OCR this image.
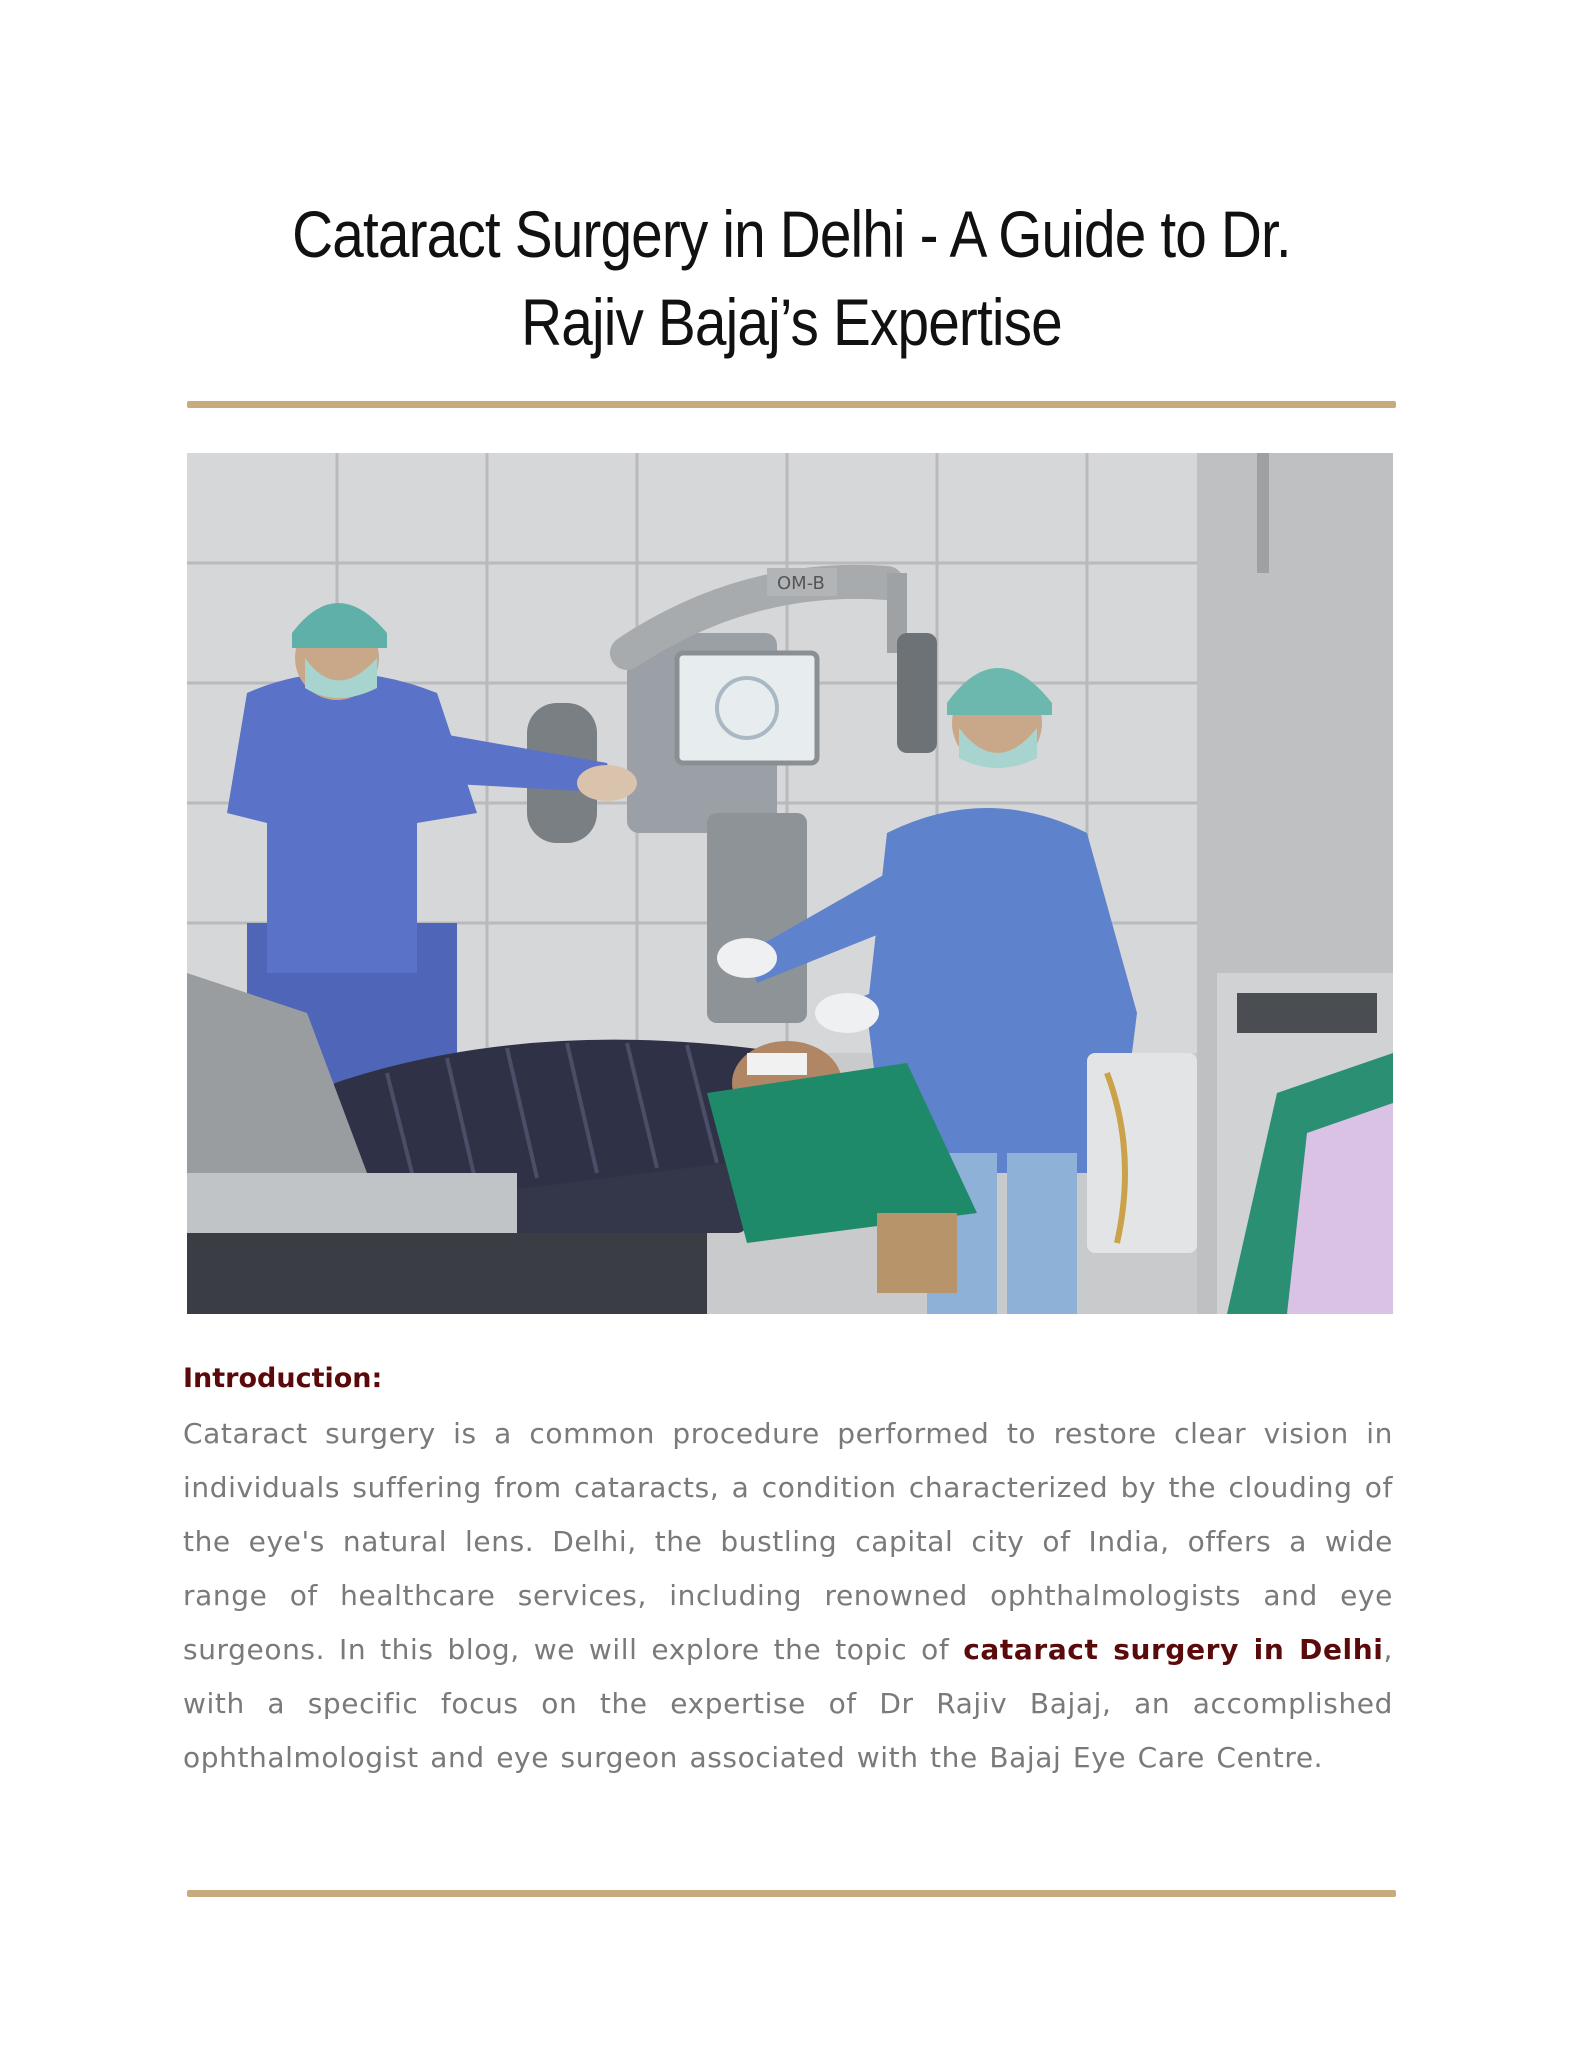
Cataract Surgery in Delhi - A Guide to Dr. Rajiv Bajaj’s Expertise
OM-B
Introduction:

Cataract surgery is a common procedure performed to restore clear vision in individuals suffering from cataracts, a condition characterized by the clouding of the eye's natural lens. Delhi, the bustling capital city of India, offers a wide range of healthcare services, including renowned ophthalmologists and eye surgeons. In this blog, we will explore the topic of cataract surgery in Delhi, with a specific focus on the expertise of Dr Rajiv Bajaj, an accomplished ophthalmologist and eye surgeon associated with the Bajaj Eye Care Centre.
